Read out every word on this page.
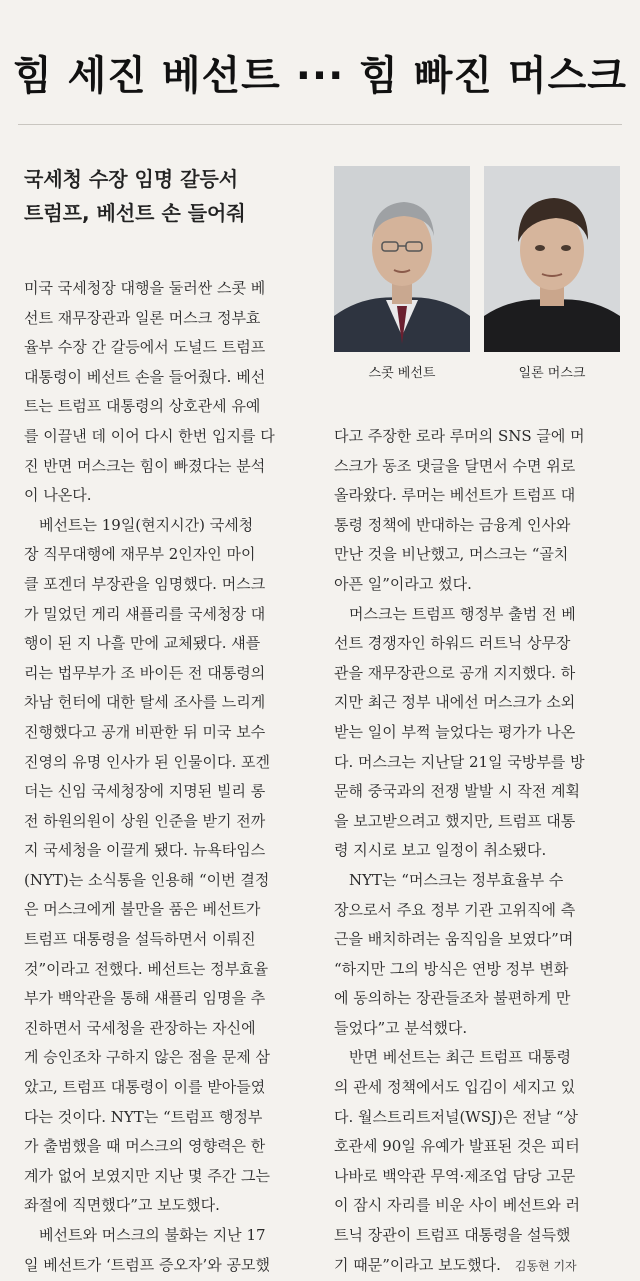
힘 세진 베선트 ··· 힘 빠진 머스크
국세청 수장 임명 갈등서
트럼프, 베선트 손 들어줘
스콧 베선트	일론 머스크
미국 국세청장 대행을 둘러싼 스콧 베
선트 재무장관과 일론 머스크 정부효
율부 수장 간 갈등에서 도널드 트럼프
대통령이 베선트 손을 들어줬다. 베선
트는 트럼프 대통령의 상호관세 유예
를 이끌낸 데 이어 다시 한번 입지를 다
진 반면 머스크는 힘이 빠졌다는 분석
이 나온다.
　베선트는 19일(현지시간) 국세청
장 직무대행에 재무부 2인자인 마이
클 포겐더 부장관을 임명했다. 머스크
가 밀었던 게리 섀플리를 국세청장 대
행이 된 지 나흘 만에 교체됐다. 섀플
리는 법무부가 조 바이든 전 대통령의
차남 헌터에 대한 탈세 조사를 느리게
진행했다고 공개 비판한 뒤 미국 보수
진영의 유명 인사가 된 인물이다. 포겐
더는 신임 국세청장에 지명된 빌리 롱
전 하원의원이 상원 인준을 받기 전까
지 국세청을 이끌게 됐다. 뉴욕타임스
(NYT)는 소식통을 인용해 “이번 결정
은 머스크에게 불만을 품은 베선트가
트럼프 대통령을 설득하면서 이뤄진
것”이라고 전했다. 베선트는 정부효율
부가 백악관을 통해 섀플리 임명을 추
진하면서 국세청을 관장하는 자신에
게 승인조차 구하지 않은 점을 문제 삼
았고, 트럼프 대통령이 이를 받아들였
다는 것이다. NYT는 “트럼프 행정부
가 출범했을 때 머스크의 영향력은 한
계가 없어 보였지만 지난 몇 주간 그는
좌절에 직면했다”고 보도했다.
　베선트와 머스크의 불화는 지난 17
일 베선트가 ‘트럼프 증오자’와 공모했
다고 주장한 로라 루머의 SNS 글에 머
스크가 동조 댓글을 달면서 수면 위로
올라왔다. 루머는 베선트가 트럼프 대
통령 정책에 반대하는 금융계 인사와
만난 것을 비난했고, 머스크는 “골치
아픈 일”이라고 썼다.
　머스크는 트럼프 행정부 출범 전 베
선트 경쟁자인 하워드 러트닉 상무장
관을 재무장관으로 공개 지지했다. 하
지만 최근 정부 내에선 머스크가 소외
받는 일이 부쩍 늘었다는 평가가 나온
다. 머스크는 지난달 21일 국방부를 방
문해 중국과의 전쟁 발발 시 작전 계획
을 보고받으려고 했지만, 트럼프 대통
령 지시로 보고 일정이 취소됐다.
　NYT는 “머스크는 정부효율부 수
장으로서 주요 정부 기관 고위직에 측
근을 배치하려는 움직임을 보였다”며
“하지만 그의 방식은 연방 정부 변화
에 동의하는 장관들조차 불편하게 만
들었다”고 분석했다.
　반면 베선트는 최근 트럼프 대통령
의 관세 정책에서도 입김이 세지고 있
다. 월스트리트저널(WSJ)은 전날 “상
호관세 90일 유예가 발표된 것은 피터
나바로 백악관 무역·제조업 담당 고문
이 잠시 자리를 비운 사이 베선트와 러
트닉 장관이 트럼프 대통령을 설득했
기 때문”이라고 보도했다. 김동현 기자
